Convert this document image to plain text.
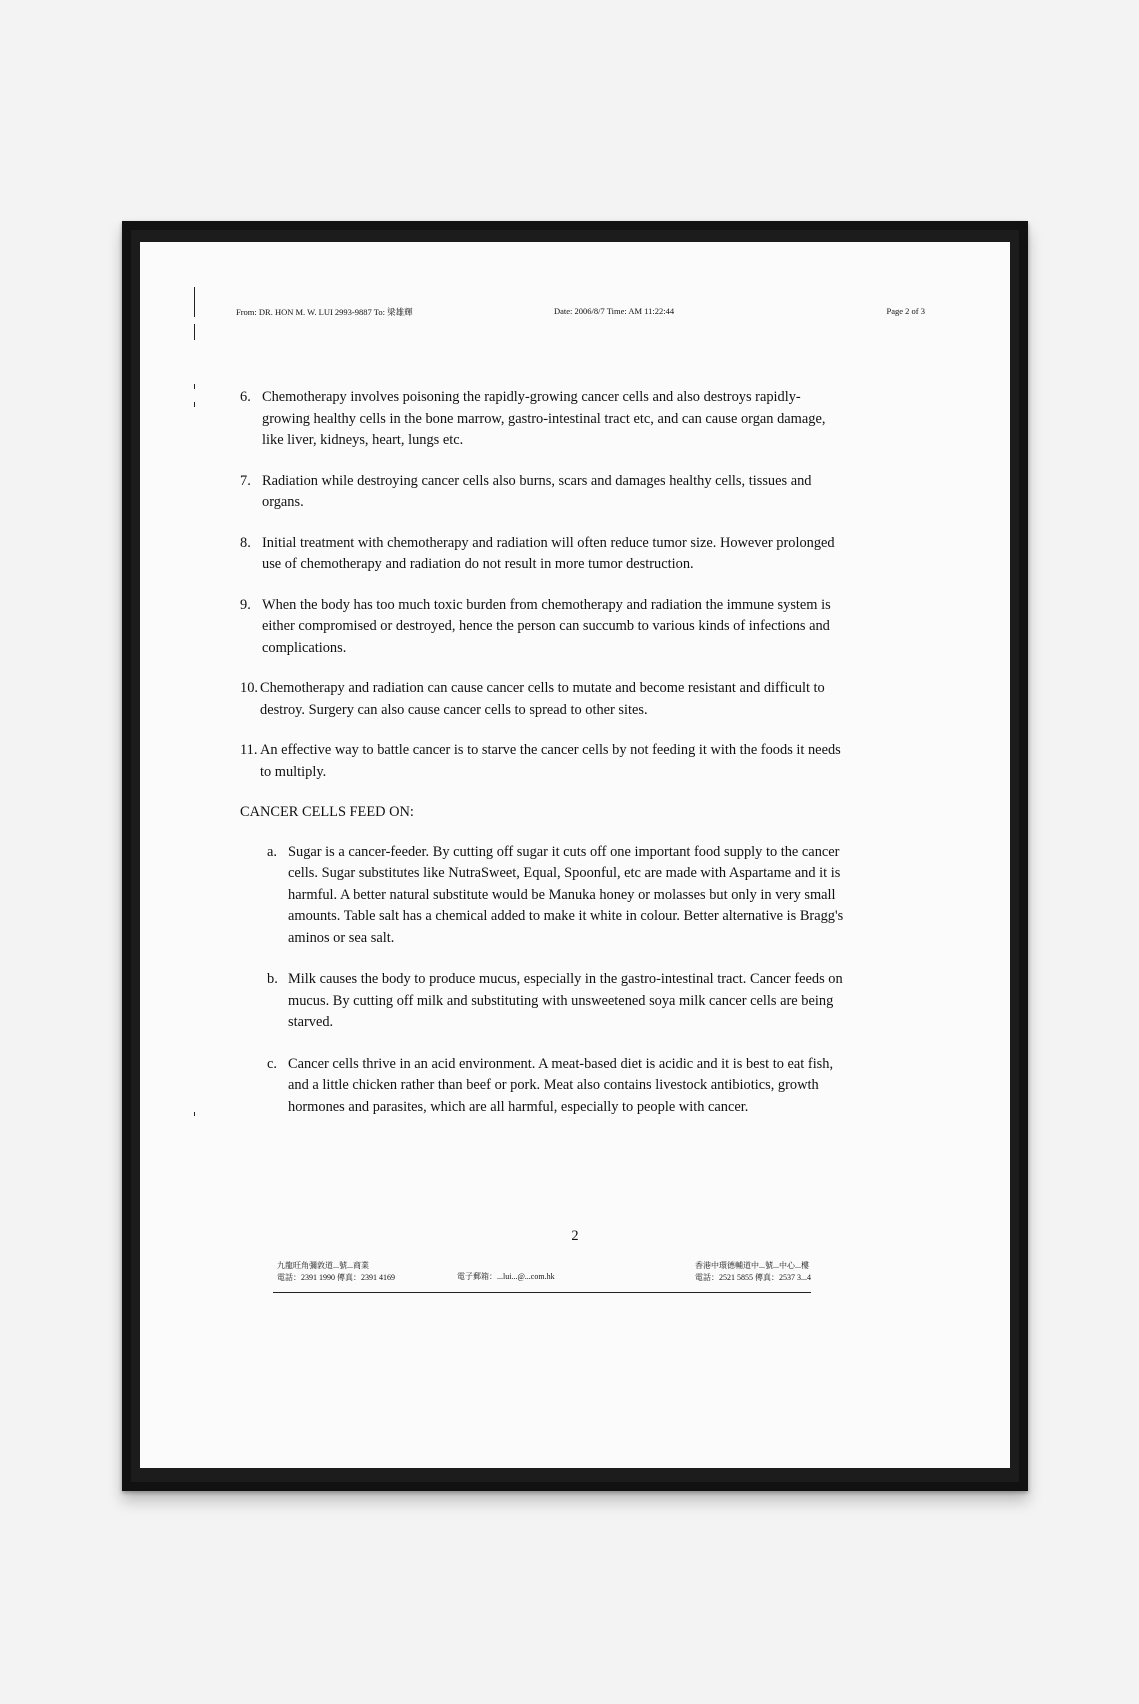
From: DR. HON M. W. LUI 2993-9887 To: 梁雄輝	Date: 2006/8/7 Time: AM 11:22:44	Page 2 of 3
6. Chemotherapy involves poisoning the rapidly-growing cancer cells and also destroys rapidly-growing healthy cells in the bone marrow, gastro-intestinal tract etc, and can cause organ damage, like liver, kidneys, heart, lungs etc.
7. Radiation while destroying cancer cells also burns, scars and damages healthy cells, tissues and organs.
8. Initial treatment with chemotherapy and radiation will often reduce tumor size. However prolonged use of chemotherapy and radiation do not result in more tumor destruction.
9. When the body has too much toxic burden from chemotherapy and radiation the immune system is either compromised or destroyed, hence the person can succumb to various kinds of infections and complications.
10. Chemotherapy and radiation can cause cancer cells to mutate and become resistant and difficult to destroy. Surgery can also cause cancer cells to spread to other sites.
11. An effective way to battle cancer is to starve the cancer cells by not feeding it with the foods it needs to multiply.
CANCER CELLS FEED ON:
a. Sugar is a cancer-feeder. By cutting off sugar it cuts off one important food supply to the cancer cells. Sugar substitutes like NutraSweet, Equal, Spoonful, etc are made with Aspartame and it is harmful. A better natural substitute would be Manuka honey or molasses but only in very small amounts. Table salt has a chemical added to make it white in colour. Better alternative is Bragg's aminos or sea salt.
b. Milk causes the body to produce mucus, especially in the gastro-intestinal tract. Cancer feeds on mucus. By cutting off milk and substituting with unsweetened soya milk cancer cells are being starved.
c. Cancer cells thrive in an acid environment. A meat-based diet is acidic and it is best to eat fish, and a little chicken rather than beef or pork. Meat also contains livestock antibiotics, growth hormones and parasites, which are all harmful, especially to people with cancer.
2
九龍旺角彌敦道...號...商業
電話：2391 1990 傳真：2391 4169	電子郵箱：...lui...@...com.hk
香港中環德輔道中...號...中心...樓
電話：2521 5855 傳真：2537 3...4
